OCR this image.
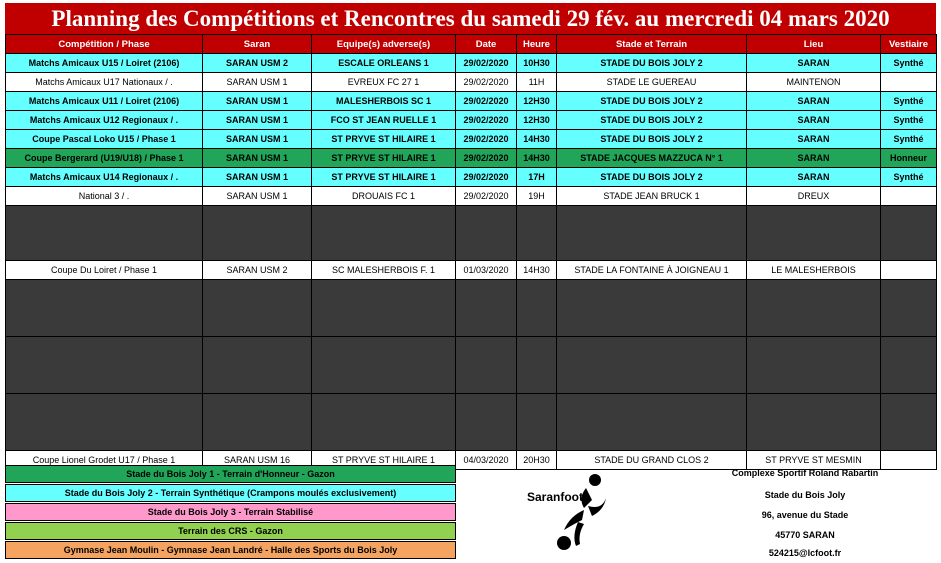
Planning des Compétitions et Rencontres du samedi 29 fév. au mercredi 04 mars 2020
Compétition / Phase	Saran	Equipe(s) adverse(s)	Date	Heure	Stade et Terrain	Lieu	Vestiaire
Matchs Amicaux U15 / Loiret (2106)	SARAN USM 2	ESCALE ORLEANS 1	29/02/2020	10H30	STADE DU BOIS JOLY 2	SARAN	Synthé
Matchs Amicaux U17 Nationaux / .	SARAN USM 1	EVREUX FC 27 1	29/02/2020	11H	STADE LE GUEREAU	MAINTENON	
Matchs Amicaux U11 / Loiret (2106)	SARAN USM 1	MALESHERBOIS SC 1	29/02/2020	12H30	STADE DU BOIS JOLY 2	SARAN	Synthé
Matchs Amicaux U12 Regionaux / .	SARAN USM 1	FCO ST JEAN RUELLE 1	29/02/2020	12H30	STADE DU BOIS JOLY 2	SARAN	Synthé
Coupe Pascal Loko U15 / Phase 1	SARAN USM 1	ST PRYVE ST HILAIRE 1	29/02/2020	14H30	STADE DU BOIS JOLY 2	SARAN	Synthé
Coupe Bergerard (U19/U18) / Phase 1	SARAN USM 1	ST PRYVE ST HILAIRE 1	29/02/2020	14H30	STADE JACQUES MAZZUCA N° 1	SARAN	Honneur
Matchs Amicaux U14 Regionaux / .	SARAN USM 1	ST PRYVE ST HILAIRE 1	29/02/2020	17H	STADE DU BOIS JOLY 2	SARAN	Synthé
National 3 / .	SARAN USM 1	DROUAIS FC 1	29/02/2020	19H	STADE JEAN BRUCK 1	DREUX	

Coupe Du Loiret / Phase 1	SARAN USM 2	SC MALESHERBOIS F. 1	01/03/2020	14H30	STADE LA FONTAINE À JOIGNEAU 1	LE MALESHERBOIS	

Coupe Lionel Grodet U17 / Phase 1	SARAN USM 16	ST PRYVE ST HILAIRE 1	04/03/2020	20H30	STADE DU GRAND CLOS 2	ST PRYVE ST MESMIN	
Stade du Bois Joly 1 - Terrain d'Honneur - Gazon
Stade du Bois Joly 2 - Terrain Synthétique (Crampons moulés exclusivement)
Stade du Bois Joly 3 - Terrain Stabilisé
Terrain des CRS - Gazon
Gymnase Jean Moulin - Gymnase Jean Landré - Halle des Sports du Bois Joly
Saranfoot
Complexe Sportif Roland Rabartin
Stade du Bois Joly
96, avenue du Stade
45770 SARAN
524215@lcfoot.fr
